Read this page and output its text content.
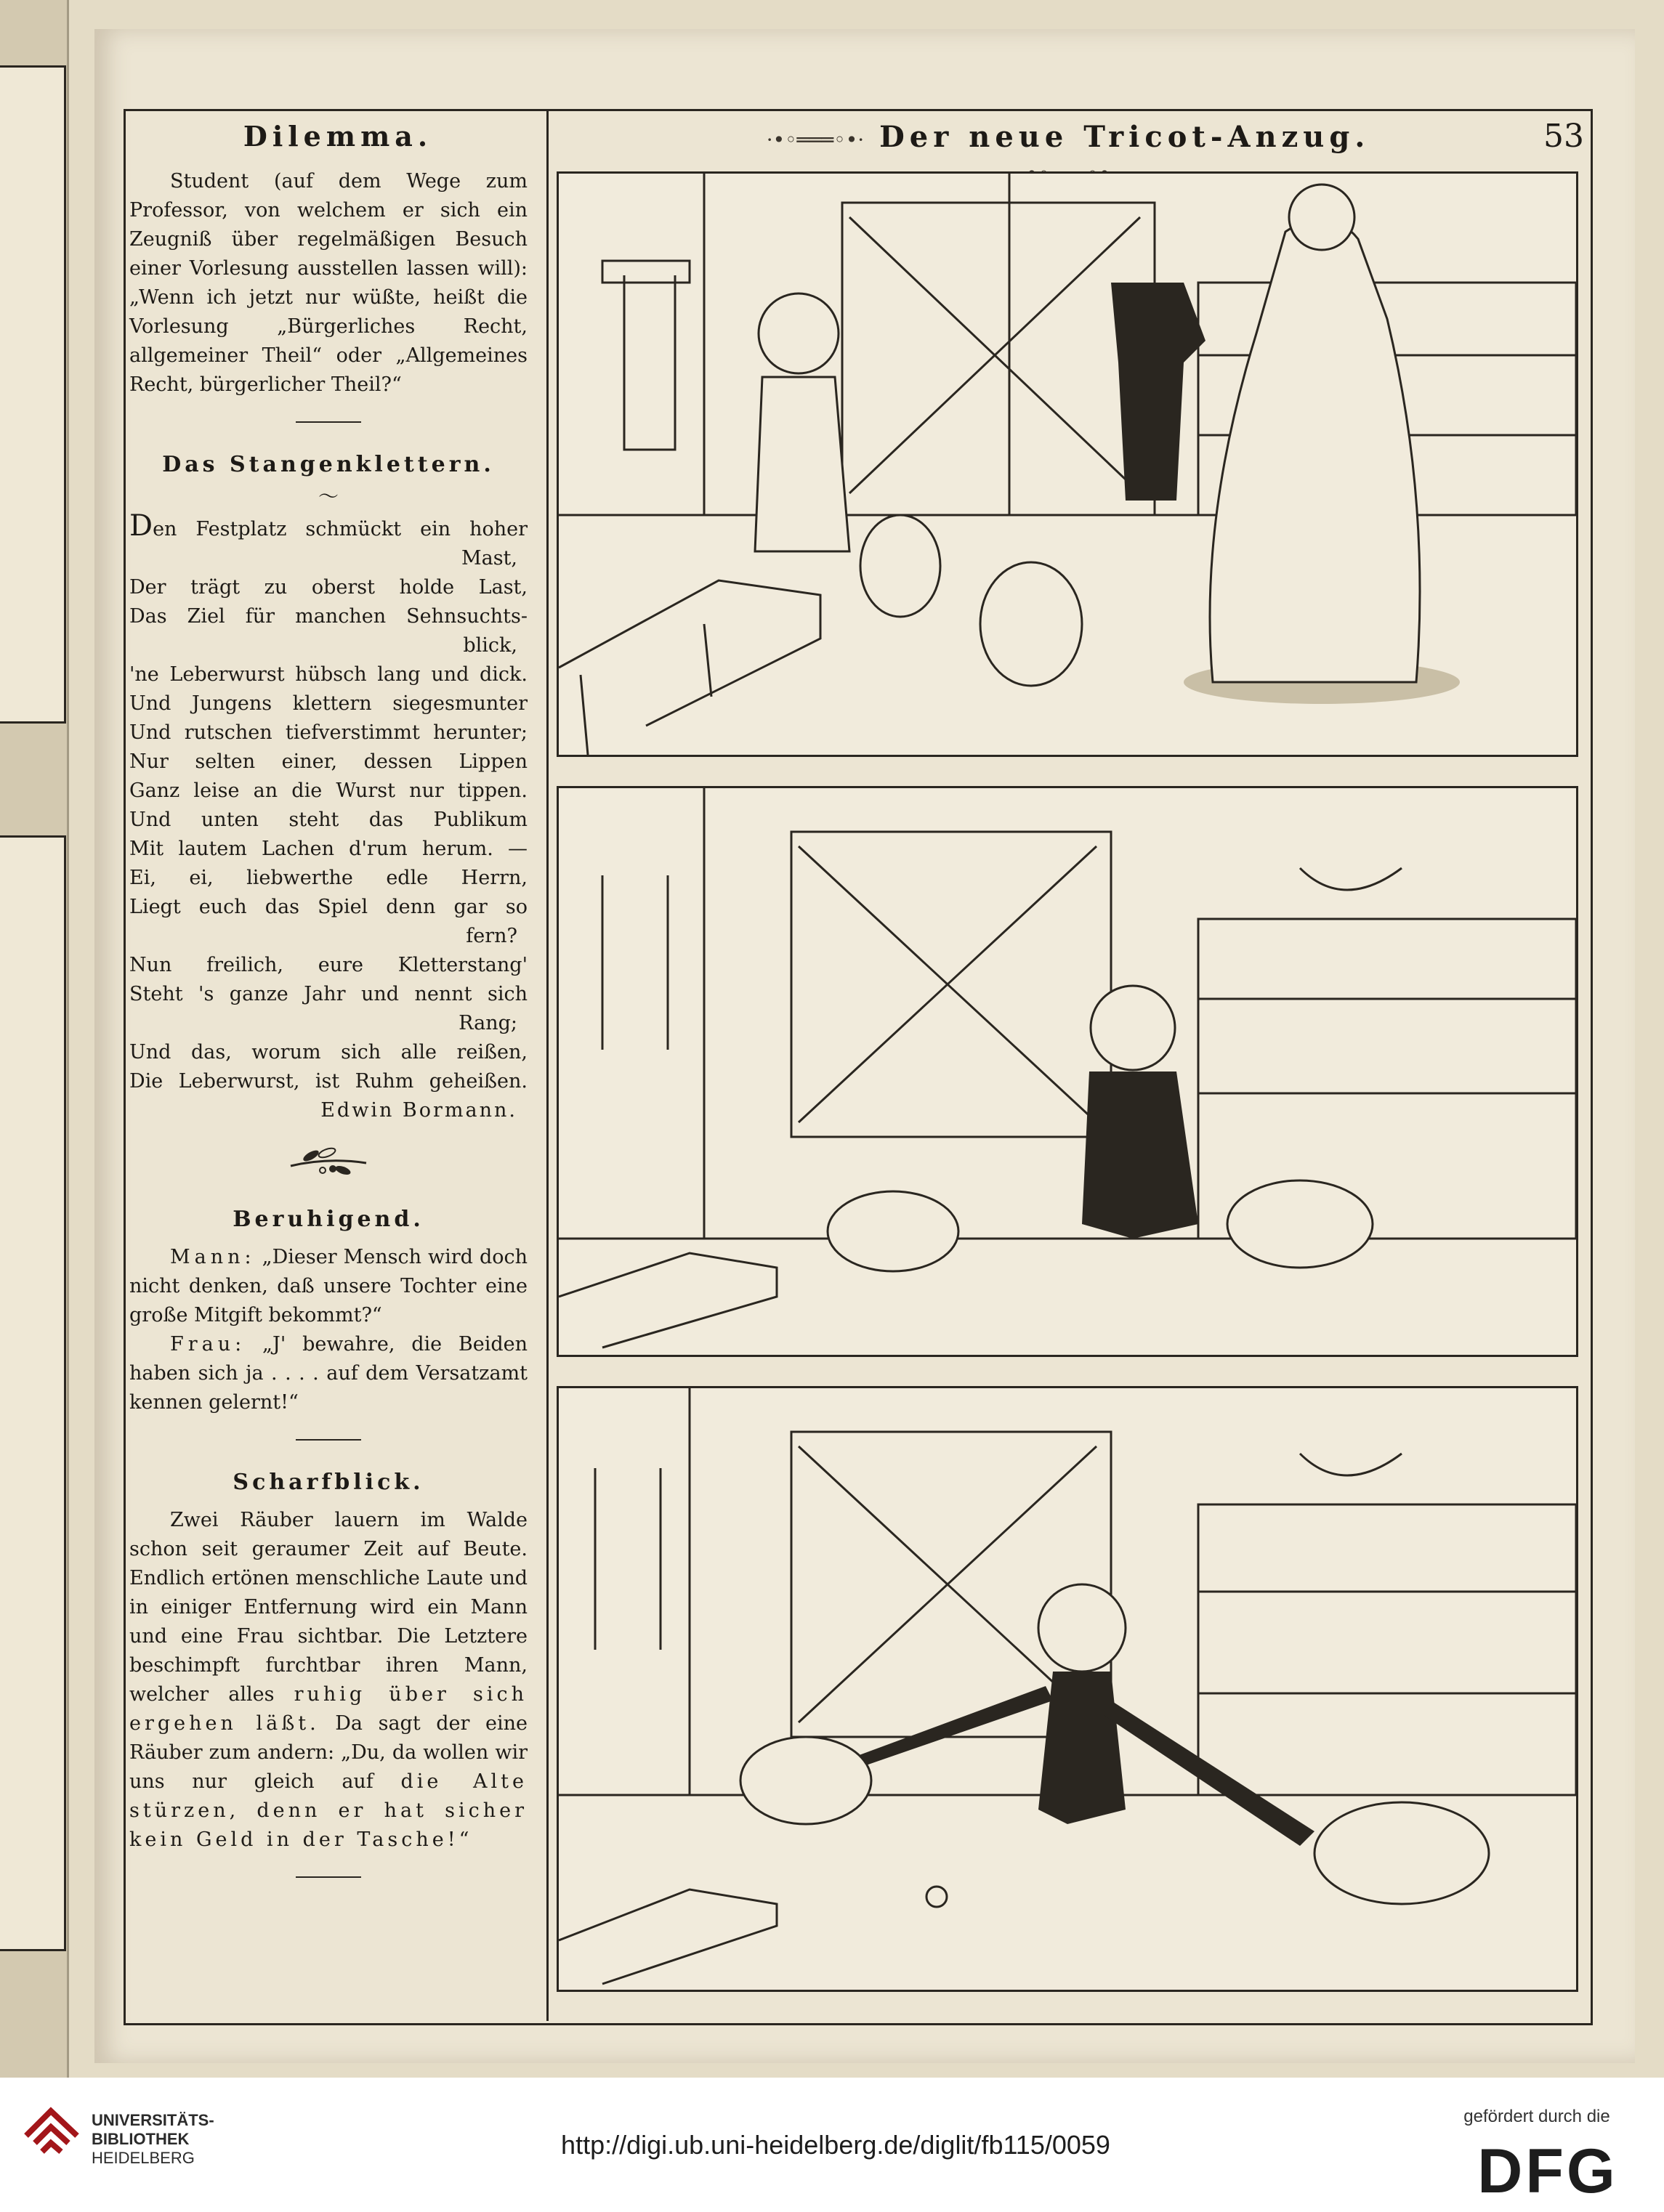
Dilemma.	·•◦═══◦•· Der neue Tricot-Anzug.	53

Student (auf dem Wege zum Professor, von welchem er sich ein Zeugniß über regelmäßigen Besuch einer Vorlesung ausstellen lassen will): „Wenn ich jetzt nur wüßte, heißt die Vorlesung „Bürgerliches Recht, allgemeiner Theil“ oder „Allgemeines Recht, bürgerlicher Theil?“

Das Stangenklettern.
〜
Den Festplatz schmückt ein hoher
Mast,
Der trägt zu oberst holde Last,
Das Ziel für manchen Sehnsuchts-
blick,
'ne Leberwurst hübsch lang und dick.
Und Jungens klettern siegesmunter
Und rutschen tiefverstimmt herunter;
Nur selten einer, dessen Lippen
Ganz leise an die Wurst nur tippen.
Und unten steht das Publikum
Mit lautem Lachen d'rum herum. —
Ei, ei, liebwerthe edle Herrn,
Liegt euch das Spiel denn gar so
fern?
Nun freilich, eure Kletterstang'
Steht 's ganze Jahr und nennt sich
Rang;
Und das, worum sich alle reißen,
Die Leberwurst, ist Ruhm geheißen.
Edwin Bormann.
Beruhigend.

Mann: „Dieser Mensch wird doch nicht denken, daß unsere Tochter eine große Mitgift bekommt?“

Frau: „J' bewahre, die Beiden haben sich ja . . . . auf dem Versatzamt kennen gelernt!“

Scharfblick.

Zwei Räuber lauern im Walde schon seit geraumer Zeit auf Beute. Endlich ertönen menschliche Laute und in einiger Entfernung wird ein Mann und eine Frau sichtbar. Die Letztere beschimpft furchtbar ihren Mann, welcher alles ruhig über sich ergehen läßt. Da sagt der eine Räuber zum andern: „Du, da wollen wir uns nur gleich auf die Alte stürzen, denn er hat sicher kein Geld in der Tasche!“

UNIVERSITÄTS-
BIBLIOTHEK
HEIDELBERG	http://digi.ub.uni-heidelberg.de/diglit/fb115/0059
gefördert durch die
DFG
